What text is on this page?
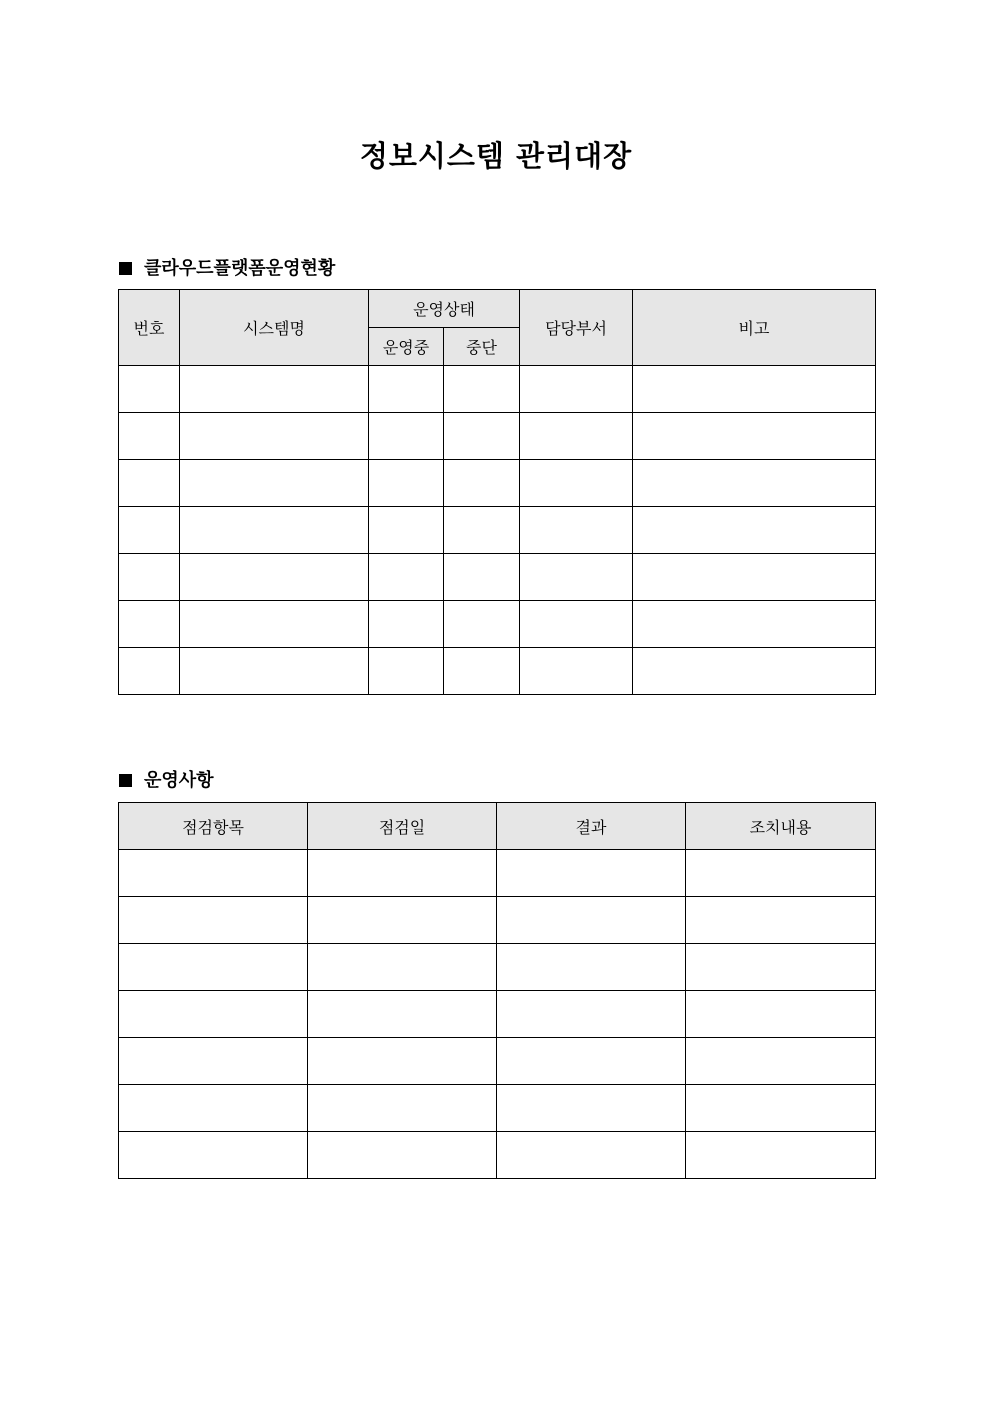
정보시스템 관리대장
클라우드플랫폼운영현황
번호	시스템명	운영상태		담당부서	비고
		운영중	중단		

운영사항
점검항목	점검일	결과	조치내용
